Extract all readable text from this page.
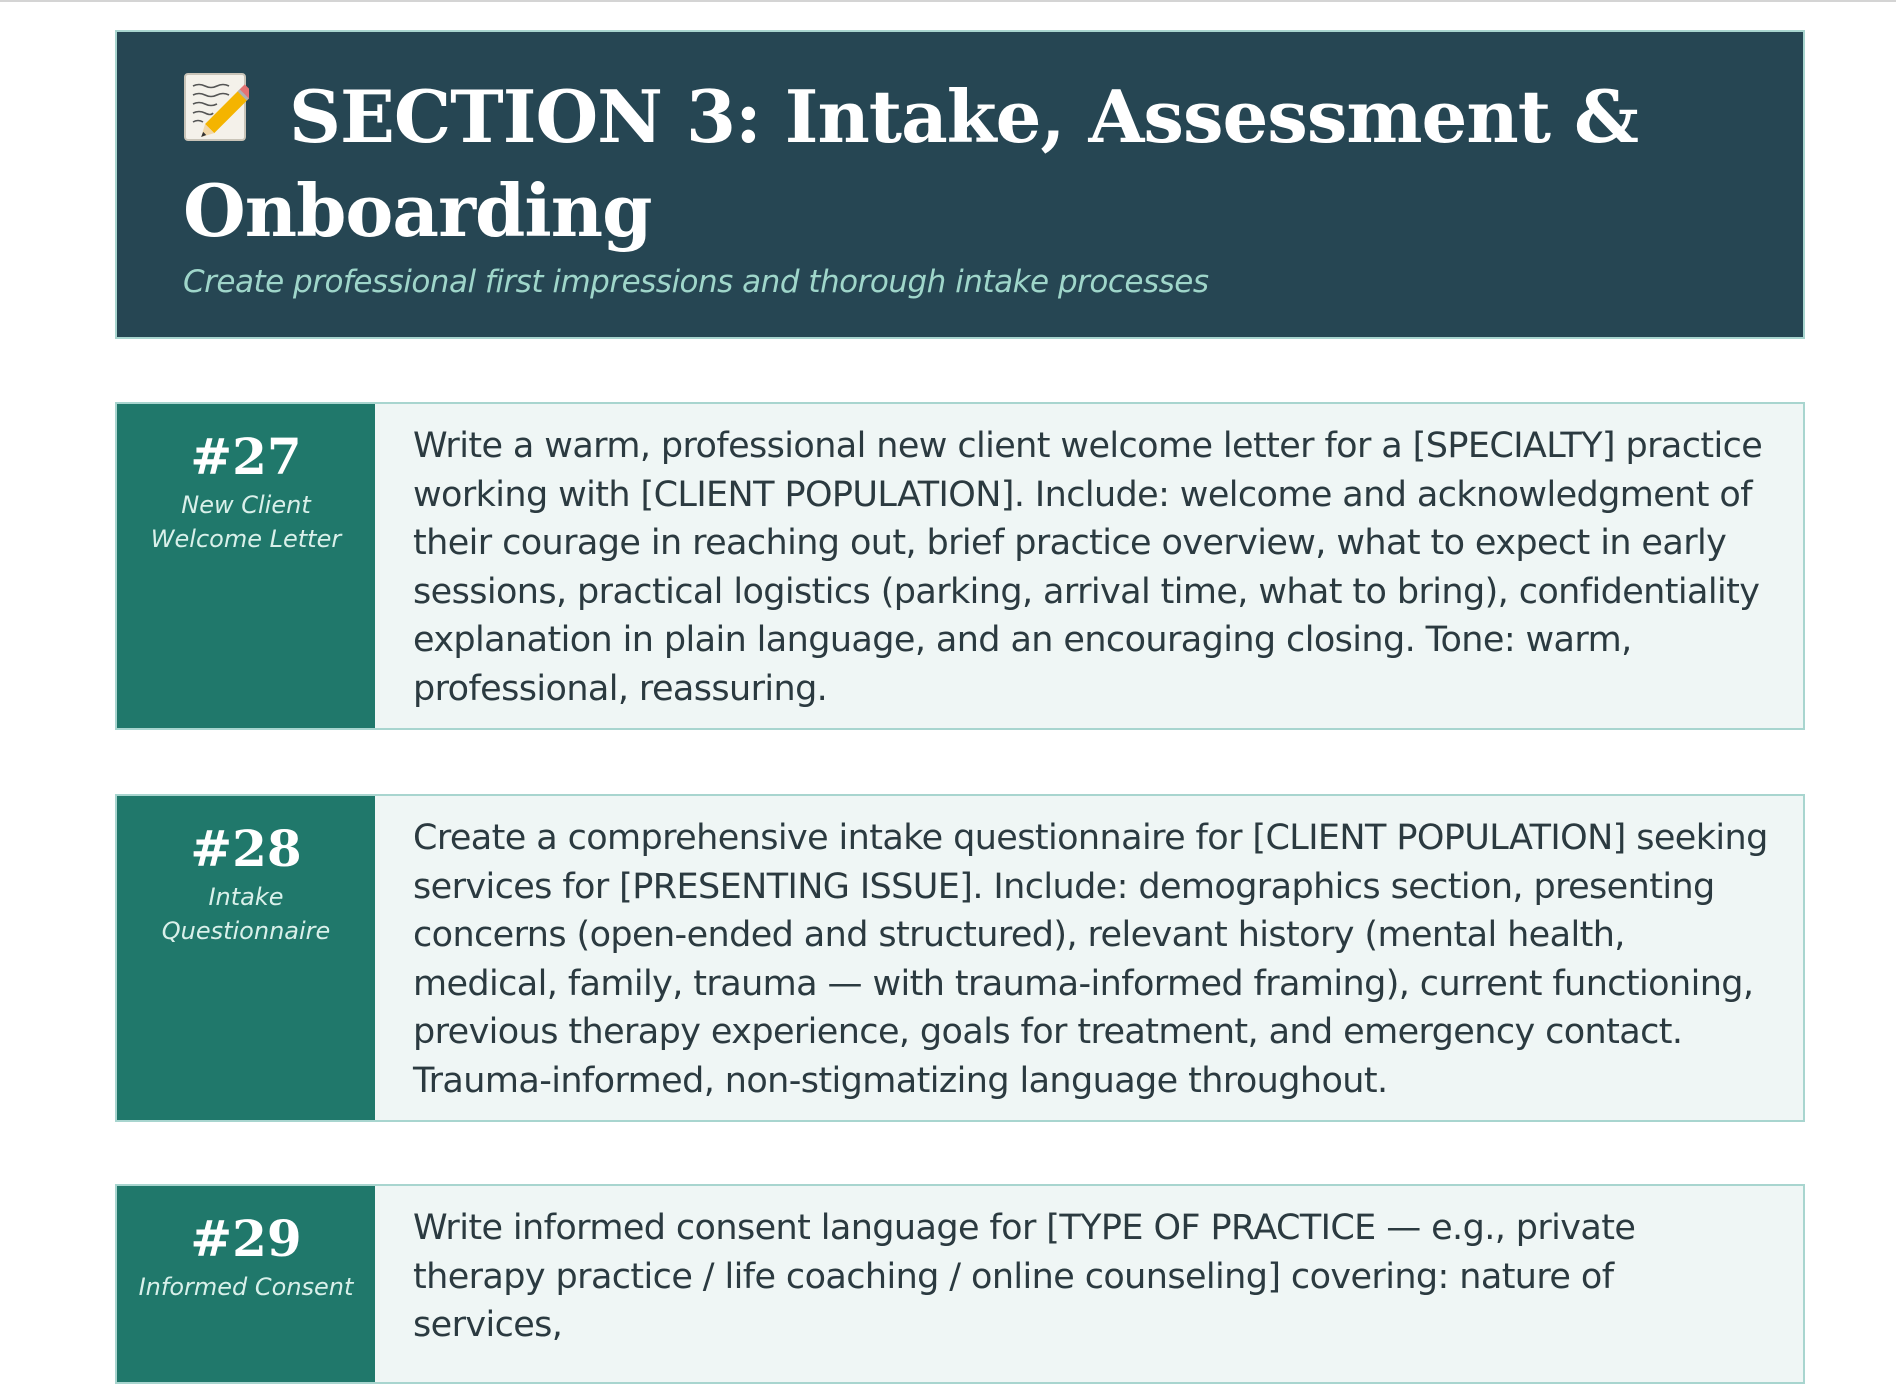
SECTION 3: Intake, Assessment & Onboarding
Create professional first impressions and thorough intake processes
#27
New Client Welcome Letter
Write a warm, professional new client welcome letter for a [SPECIALTY] practice working with [CLIENT POPULATION]. Include: welcome and acknowledgment of their courage in reaching out, brief practice overview, what to expect in early sessions, practical logistics (parking, arrival time, what to bring), confidentiality explanation in plain language, and an encouraging closing. Tone: warm, professional, reassuring.
#28
Intake Questionnaire
Create a comprehensive intake questionnaire for [CLIENT POPULATION] seeking services for [PRESENTING ISSUE]. Include: demographics section, presenting concerns (open-ended and structured), relevant history (mental health, medical, family, trauma — with trauma-informed framing), current functioning, previous therapy experience, goals for treatment, and emergency contact. Trauma-informed, non-stigmatizing language throughout.
#29
Informed Consent
Write informed consent language for [TYPE OF PRACTICE — e.g., private therapy practice / life coaching / online counseling] covering: nature of services,
